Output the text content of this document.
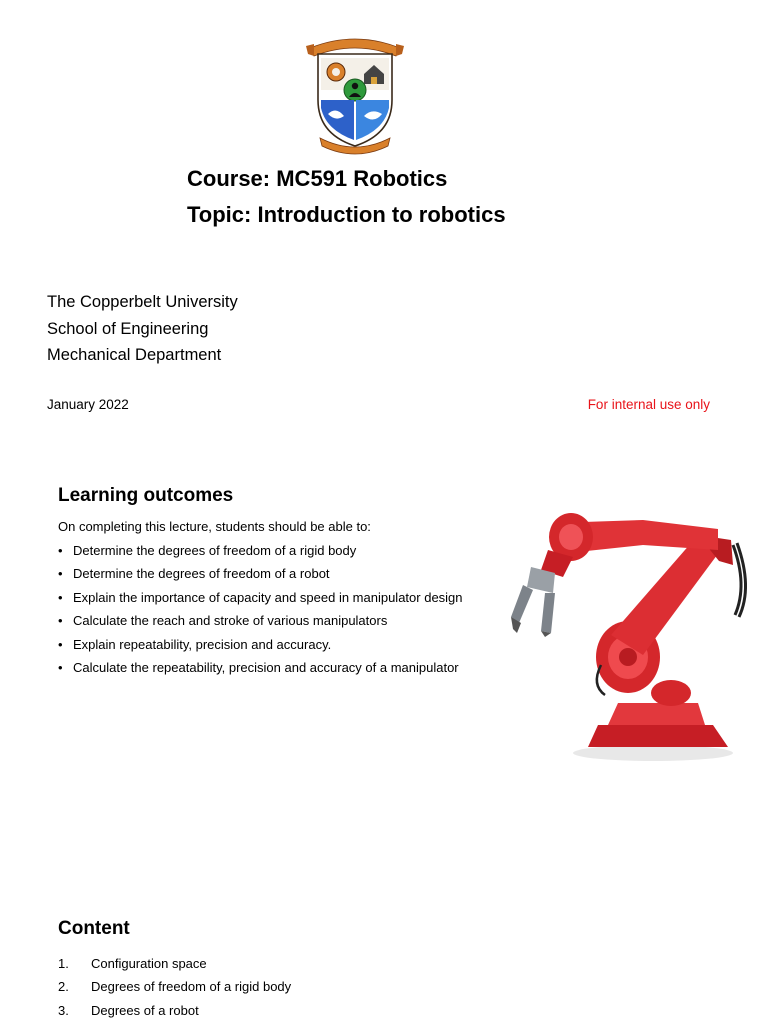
Course: MC591 Robotics
Topic: Introduction to robotics
The Copperbelt University
School of Engineering
Mechanical Department
January 2022	For internal use only
Learning outcomes
On completing this lecture, students should be able to:
• Determine the degrees of freedom of a rigid body
• Determine the degrees of freedom of a robot
• Explain the importance of capacity and speed in manipulator design
• Calculate the reach and stroke of various manipulators
• Explain repeatability, precision and accuracy.
• Calculate the repeatability, precision and accuracy of a manipulator
Content
1. Configuration space
2. Degrees of freedom of a rigid body
3. Degrees of a robot
